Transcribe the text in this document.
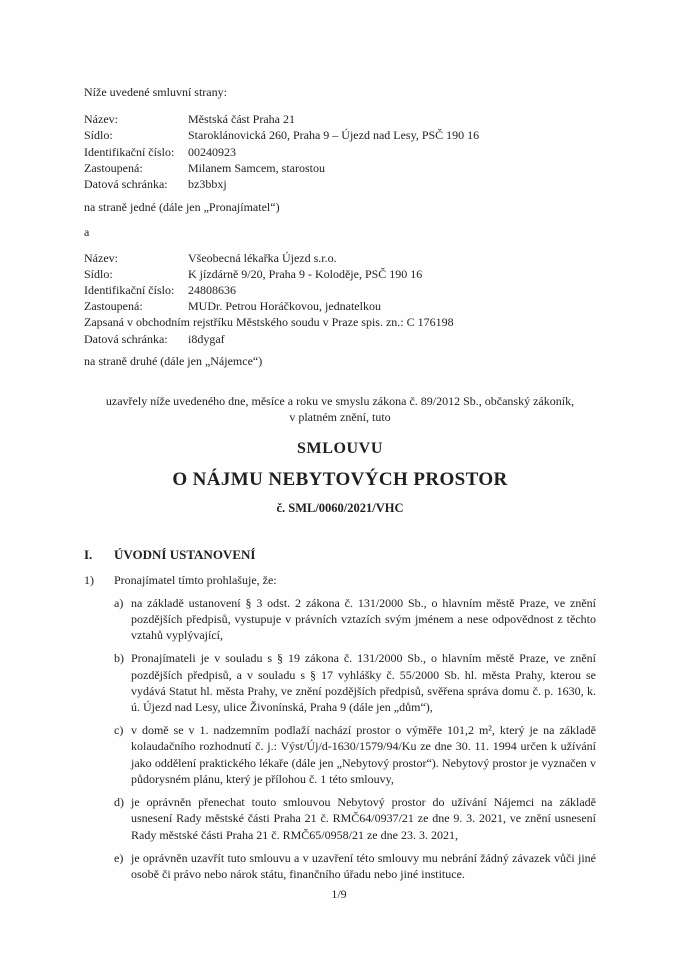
Níže uvedené smluvní strany:

Název:	Městská část Praha 21
Sídlo:	Staroklánovická 260, Praha 9 – Újezd nad Lesy, PSČ 190 16
Identifikační číslo:	00240923
Zastoupená:	Milanem Samcem, starostou
Datová schránka:	bz3bbxj

na straně jedné (dále jen „Pronajímatel“)

a

Název:	Všeobecná lékařka Újezd s.r.o.
Sídlo:	K jízdárně 9/20, Praha 9 - Koloděje, PSČ 190 16
Identifikační číslo:	24808636
Zastoupená:	MUDr. Petrou Horáčkovou, jednatelkou
Zapsaná v obchodním rejstříku Městského soudu v Praze spis. zn.: C 176198
Datová schránka:	i8dygaf

na straně druhé (dále jen „Nájemce“)

uzavřely níže uvedeného dne, měsíce a roku ve smyslu zákona č. 89/2012 Sb., občanský zákoník,
v platném znění, tuto

SMLOUVU
O NÁJMU NEBYTOVÝCH PROSTOR
č. SML/0060/2021/VHC
I.	ÚVODNÍ USTANOVENÍ
1)	Pronajímatel tímto prohlašuje, že:
a) na základě ustanovení § 3 odst. 2 zákona č. 131/2000 Sb., o hlavním městě Praze, ve znění pozdějších předpisů, vystupuje v právních vztazích svým jménem a nese odpovědnost z těchto vztahů vyplývající,
b) Pronajímateli je v souladu s § 19 zákona č. 131/2000 Sb., o hlavním městě Praze, ve znění pozdějších předpisů, a v souladu s § 17 vyhlášky č. 55/2000 Sb. hl. města Prahy, kterou se vydává Statut hl. města Prahy, ve znění pozdějších předpisů, svěřena správa domu č. p. 1630, k. ú. Újezd nad Lesy, ulice Živonínská, Praha 9 (dále jen „dům“),
c) v domě se v 1. nadzemním podlaží nachází prostor o výměře 101,2 m², který je na základě kolaudačního rozhodnutí č. j.: Výst/Új/d-1630/1579/94/Ku ze dne 30. 11. 1994 určen k užívání jako oddělení praktického lékaře (dále jen „Nebytový prostor“). Nebytový prostor je vyznačen v půdorysném plánu, který je přílohou č. 1 této smlouvy,
d) je oprávněn přenechat touto smlouvou Nebytový prostor do užívání Nájemci na základě usnesení Rady městské části Praha 21 č. RMČ64/0937/21 ze dne 9. 3. 2021, ve znění usnesení Rady městské části Praha 21 č. RMČ65/0958/21 ze dne 23. 3. 2021,
e) je oprávněn uzavřít tuto smlouvu a v uzavření této smlouvy mu nebrání žádný závazek vůči jiné osobě či právo nebo nárok státu, finančního úřadu nebo jiné instituce.
1/9
